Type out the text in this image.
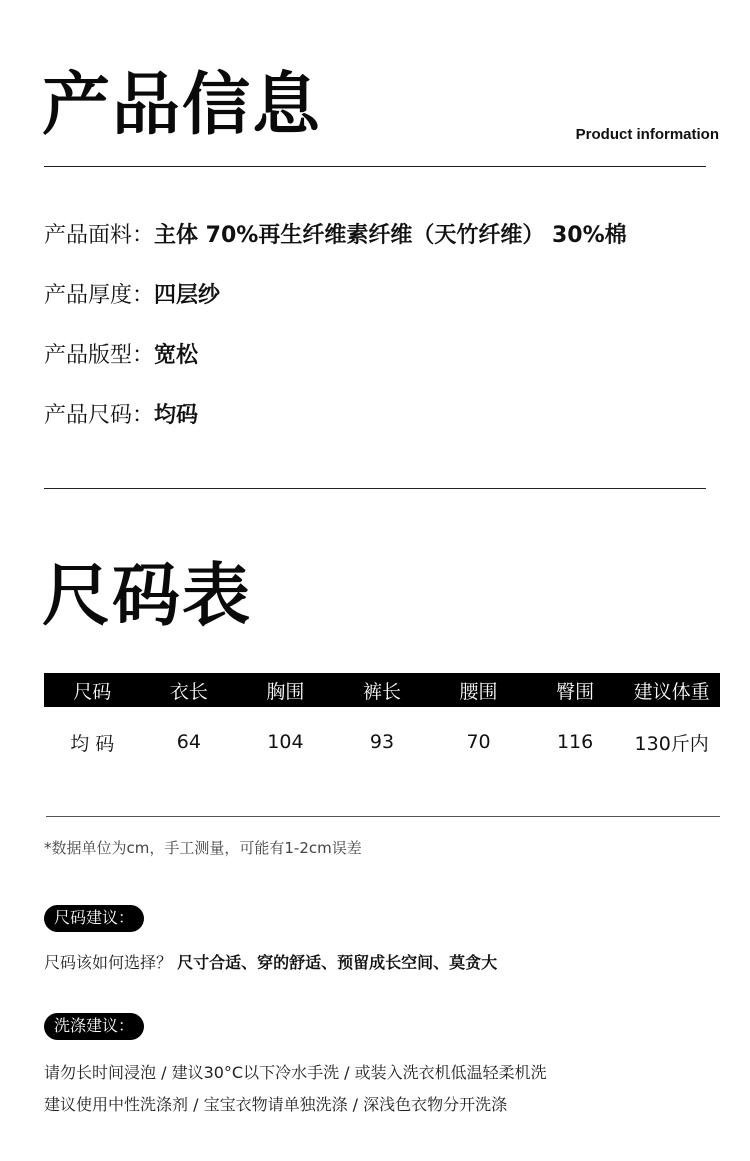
产品信息	Product information
产品面料：主体 70%再生纤维素纤维（天竹纤维） 30%棉
产品厚度：四层纱
产品版型：宽松
产品尺码：均码
尺码表
尺码	衣长	胸围	裤长	腰围	臀围	建议体重
均 码	64	104	93	70	116	130斤内
*数据单位为cm，手工测量，可能有1-2cm误差
尺码建议：
尺码该如何选择？ 尺寸合适、穿的舒适、预留成长空间、莫贪大
洗涤建议：
请勿长时间浸泡 / 建议30°C以下冷水手洗 / 或装入洗衣机低温轻柔机洗
建议使用中性洗涤剂 / 宝宝衣物请单独洗涤 / 深浅色衣物分开洗涤
